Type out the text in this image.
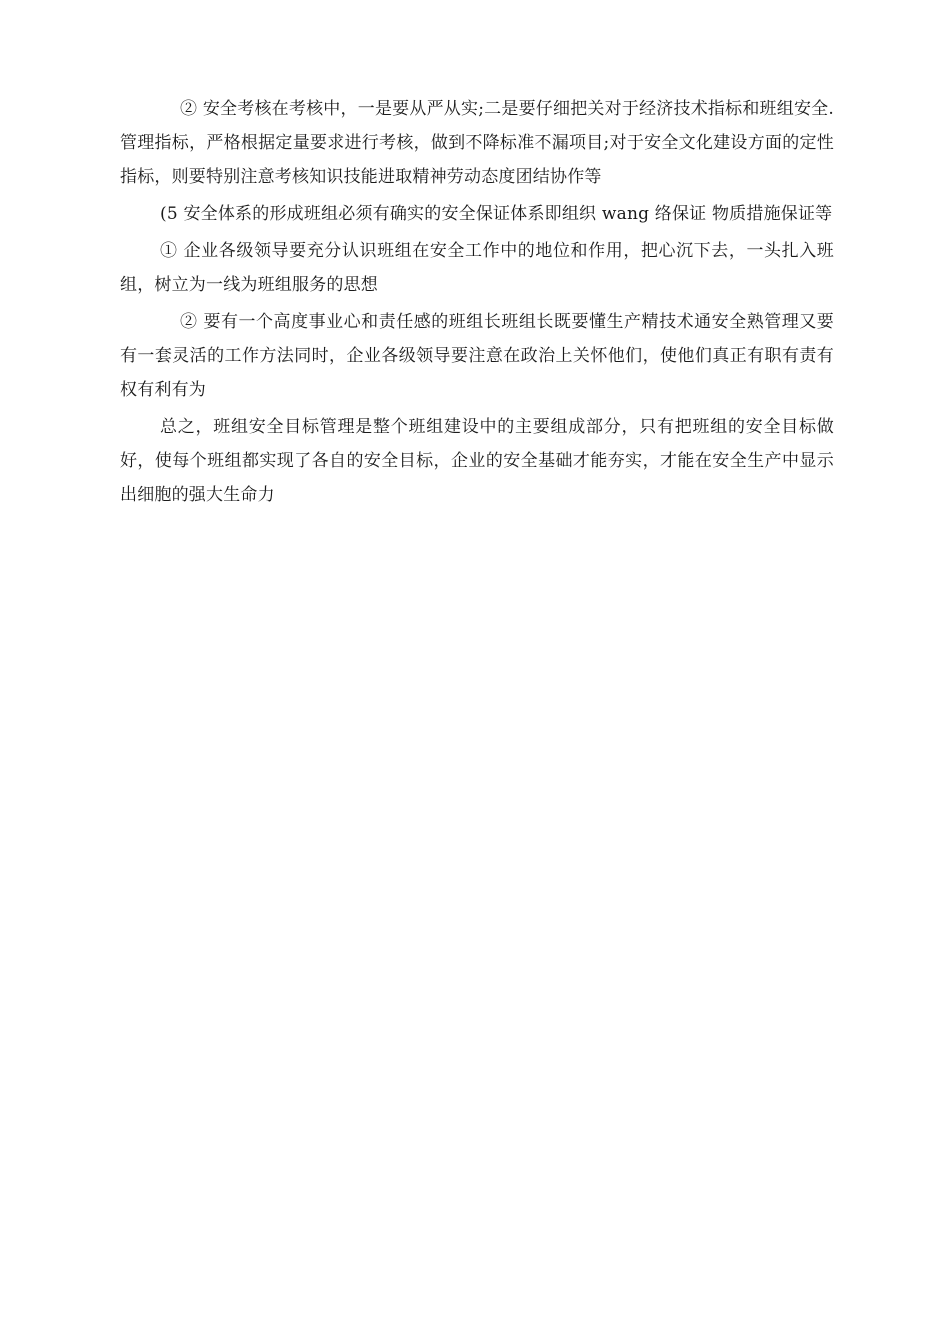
② 安全考核在考核中，一是要从严从实;二是要仔细把关对于经济技术指标和班组安全. 管理指标，严格根据定量要求进行考核，做到不降标准不漏项目;对于安全文化建设方面的定性指标，则要特别注意考核知识技能进取精神劳动态度团结协作等

(5 安全体系的形成班组必须有确实的安全保证体系即组织 wang 络保证 物质措施保证等

① 企业各级领导要充分认识班组在安全工作中的地位和作用，把心沉下去，一头扎入班组，树立为一线为班组服务的思想

② 要有一个高度事业心和责任感的班组长班组长既要懂生产精技术通安全熟管理又要有一套灵活的工作方法同时，企业各级领导要注意在政治上关怀他们，使他们真正有职有责有权有利有为

总之，班组安全目标管理是整个班组建设中的主要组成部分，只有把班组的安全目标做好，使每个班组都实现了各自的安全目标，企业的安全基础才能夯实，才能在安全生产中显示出细胞的强大生命力
